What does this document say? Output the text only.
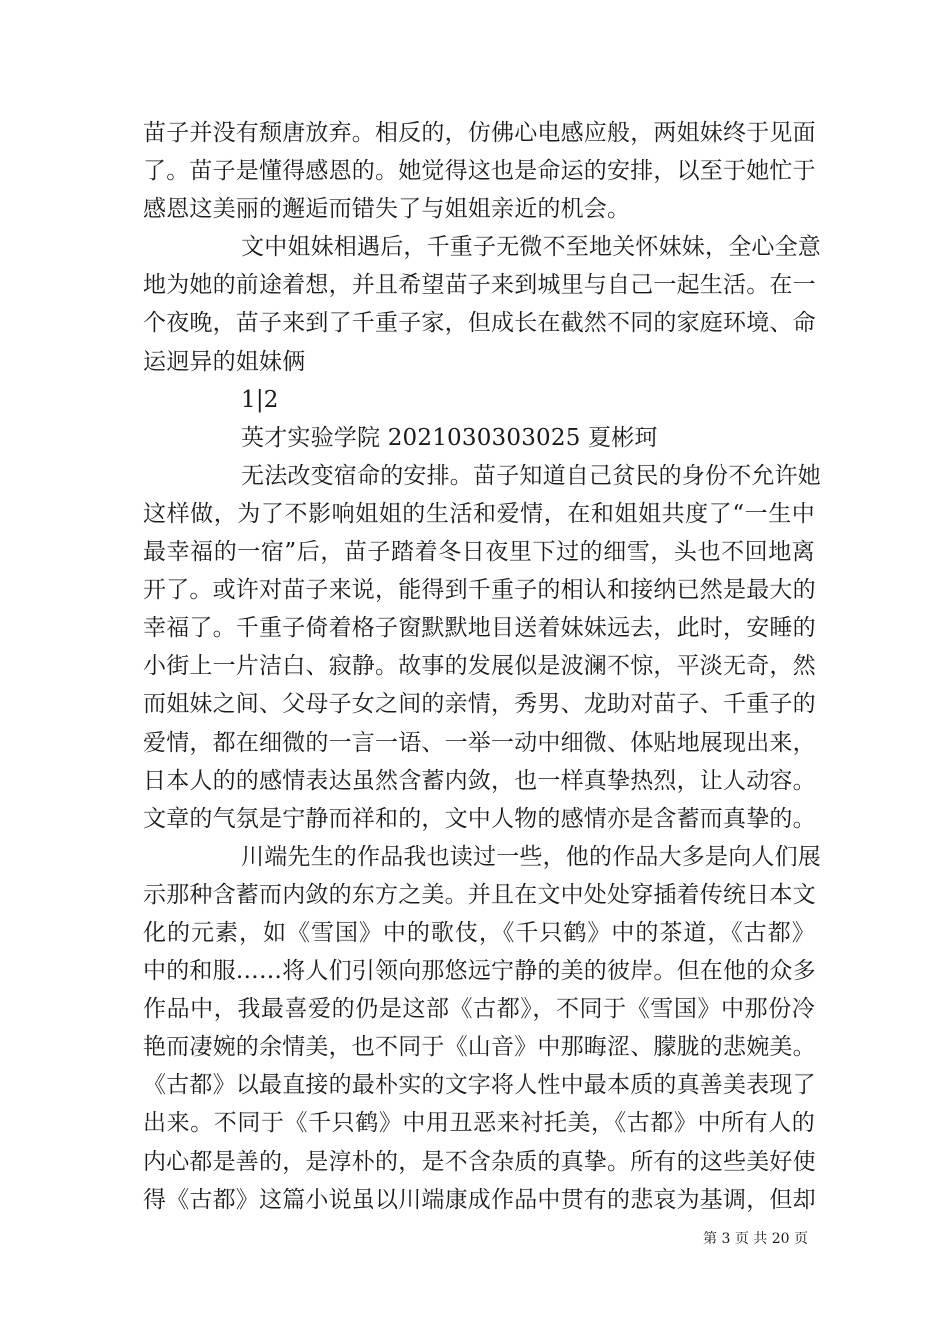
苗子并没有颓唐放弃。相反的，仿佛心电感应般，两姐妹终于见面
了。苗子是懂得感恩的。她觉得这也是命运的安排，以至于她忙于
感恩这美丽的邂逅而错失了与姐姐亲近的机会。
文中姐妹相遇后，千重子无微不至地关怀妹妹，全心全意
地为她的前途着想，并且希望苗子来到城里与自己一起生活。在一
个夜晚，苗子来到了千重子家，但成长在截然不同的家庭环境、命
运迥异的姐妹俩
1|2
英才实验学院 2021030303025 夏彬珂
无法改变宿命的安排。苗子知道自己贫民的身份不允许她
这样做，为了不影响姐姐的生活和爱情，在和姐姐共度了“一生中
最幸福的一宿”后，苗子踏着冬日夜里下过的细雪，头也不回地离
开了。或许对苗子来说，能得到千重子的相认和接纳已然是最大的
幸福了。千重子倚着格子窗默默地目送着妹妹远去，此时，安睡的
小街上一片洁白、寂静。故事的发展似是波澜不惊，平淡无奇，然
而姐妹之间、父母子女之间的亲情，秀男、龙助对苗子、千重子的
爱情，都在细微的一言一语、一举一动中细微、体贴地展现出来，
日本人的的感情表达虽然含蓄内敛，也一样真挚热烈，让人动容。
文章的气氛是宁静而祥和的，文中人物的感情亦是含蓄而真挚的。
川端先生的作品我也读过一些，他的作品大多是向人们展
示那种含蓄而内敛的东方之美。并且在文中处处穿插着传统日本文
化的元素，如《雪国》中的歌伎，《千只鹤》中的茶道，《古都》
中的和服……将人们引领向那悠远宁静的美的彼岸。但在他的众多
作品中，我最喜爱的仍是这部《古都》，不同于《雪国》中那份冷
艳而凄婉的余情美，也不同于《山音》中那晦涩、朦胧的悲婉美。
《古都》以最直接的最朴实的文字将人性中最本质的真善美表现了
出来。不同于《千只鹤》中用丑恶来衬托美，《古都》中所有人的
内心都是善的，是淳朴的，是不含杂质的真挚。所有的这些美好使
得《古都》这篇小说虽以川端康成作品中贯有的悲哀为基调，但却
第 3 页 共 20 页
